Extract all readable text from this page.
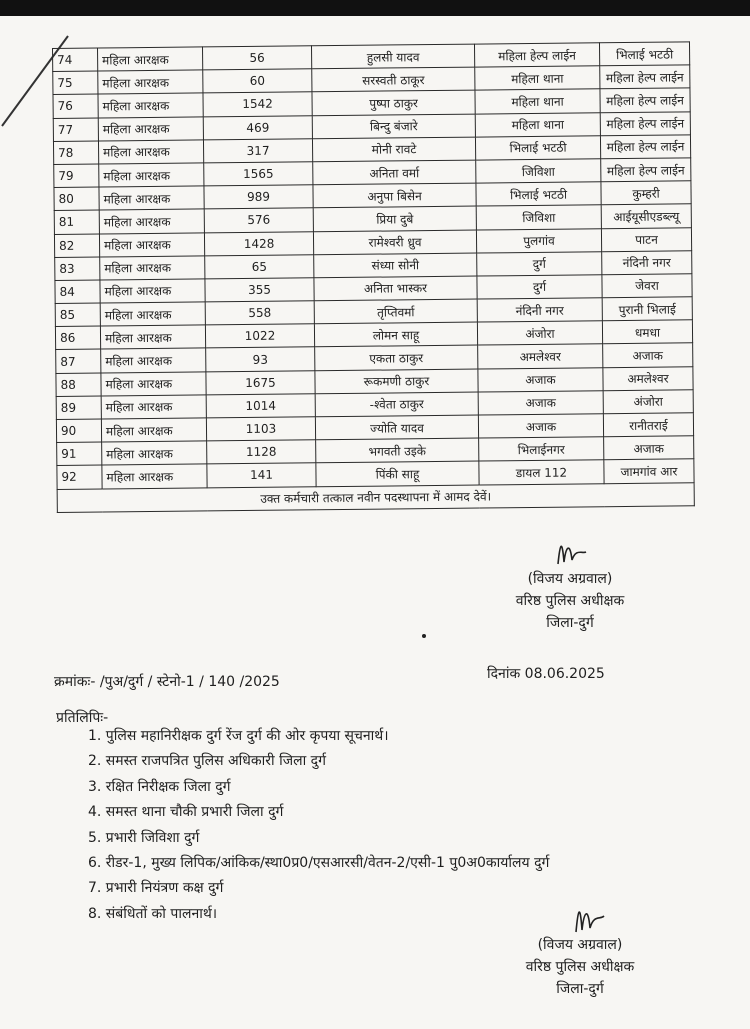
74	महिला आरक्षक	56	हुलसी यादव	महिला हेल्प लाईन	भिलाई भटठी
75	महिला आरक्षक	60	सरस्वती ठाकूर	महिला थाना	महिला हेल्प लाईन
76	महिला आरक्षक	1542	पुष्पा ठाकुर	महिला थाना	महिला हेल्प लाईन
77	महिला आरक्षक	469	बिन्दु बंजारे	महिला थाना	महिला हेल्प लाईन
78	महिला आरक्षक	317	मोनी रावटे	भिलाई भटठी	महिला हेल्प लाईन
79	महिला आरक्षक	1565	अनिता वर्मा	जिविशा	महिला हेल्प लाईन
80	महिला आरक्षक	989	अनुपा बिसेन	भिलाई भटठी	कुम्हरी
81	महिला आरक्षक	576	प्रिया दुबे	जिविशा	आईयूसीएडब्ल्यू
82	महिला आरक्षक	1428	रामेश्वरी ध्रुव	पुलगांव	पाटन
83	महिला आरक्षक	65	संध्या सोनी	दुर्ग	नंदिनी नगर
84	महिला आरक्षक	355	अनिता भास्कर	दुर्ग	जेवरा
85	महिला आरक्षक	558	तृप्तिवर्मा	नंदिनी नगर	पुरानी भिलाई
86	महिला आरक्षक	1022	लोमन साहू	अंजोरा	धमधा
87	महिला आरक्षक	93	एकता ठाकुर	अमलेश्वर	अजाक
88	महिला आरक्षक	1675	रूकमणी ठाकुर	अजाक	अमलेश्वर
89	महिला आरक्षक	1014	-श्वेता ठाकुर	अजाक	अंजोरा
90	महिला आरक्षक	1103	ज्योति यादव	अजाक	रानीतराई
91	महिला आरक्षक	1128	भगवती उइके	भिलाईनगर	अजाक
92	महिला आरक्षक	141	पिंकी साहू	डायल 112	जामगांव आर
उक्त कर्मचारी तत्काल नवीन पदस्थापना में आमद देवें।					
(विजय अग्रवाल)
वरिष्ठ पुलिस अधीक्षक
जिला-दुर्ग
क्रमांकः- /पुअ/दुर्ग / स्टेनो-1 / 140 /2025	दिनांक 08.06.2025
प्रतिलिपिः-
1. पुलिस महानिरीक्षक दुर्ग रेंज दुर्ग की ओर कृपया सूचनार्थ।
2. समस्त राजपत्रित पुलिस अधिकारी जिला दुर्ग
3. रक्षित निरीक्षक जिला दुर्ग
4. समस्त थाना चौकी प्रभारी जिला दुर्ग
5. प्रभारी जिविशा दुर्ग
6. रीडर-1, मुख्य लिपिक/आंकिक/स्था0प्र0/एसआरसी/वेतन-2/एसी-1 पु0अ0कार्यालय दुर्ग
7. प्रभारी नियंत्रण कक्ष दुर्ग
8. संबंधितों को पालनार्थ।
(विजय अग्रवाल)
वरिष्ठ पुलिस अधीक्षक
जिला-दुर्ग
